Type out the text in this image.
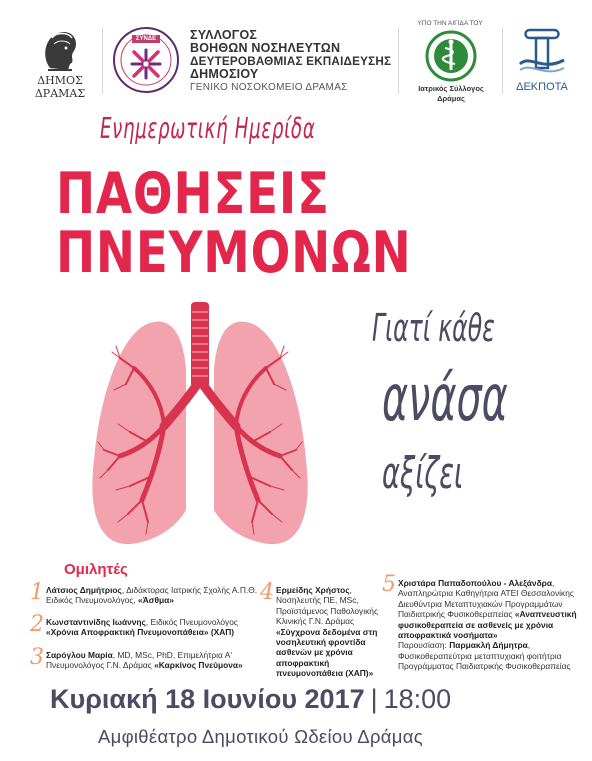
ΔΗΜΟΣ
ΔΡΑΜΑΣ
ΣΥΝΔΕ	ΣΥΛΛΟΓΟΣ
ΒΟΗΘΩΝ ΝΟΣΗΛΕΥΤΩΝ
ΔΕΥΤΕΡΟΒΑΘΜΙΑΣ ΕΚΠΑΙΔΕΥΣΗΣ
ΔΗΜΟΣΙΟΥ
ΓΕΝΙΚΟ ΝΟΣΟΚΟΜΕΙΟ ΔΡΑΜΑΣ
ΥΠΟ ΤΗΝ ΑΙΓΙΔΑ ΤΟΥ
Ιατρικός Σύλλογος
Δράμας
ΔΕΚΠΟΤΑ
Ενημερωτική Ημερίδα
ΠΑΘΗΣΕΙΣ
ΠΝΕΥΜΟΝΩΝ
Γιατί κάθε
ανάσα
αξίζει
Ομιλητές
1 Λάτσιος Δημήτριος, Διδάκτορας Ιατρικής Σχολής Α.Π.Θ. Ειδικός Πνευμονολόγος, «Άσθμα»
2 Κωνσταντινίδης Ιωάννης, Ειδικός Πνευμονολόγος «Χρόνια Αποφρακτική Πνευμονοπάθεια» (ΧΑΠ)
3 Σαρόγλου Μαρία, MD, MSc, PhD, Επιμελήτρια Α' Πνευμονολόγος Γ.Ν. Δράμας «Καρκίνος Πνεύμονα»
4 Ερμείδης Χρήστος, Νοσηλευτής ΠΕ, MSc, Προϊστάμενος Παθολογικής Κλινικής Γ.Ν. Δράμας «Σύγχρονα δεδομένα στη νοσηλευτική φροντίδα ασθενών με χρόνια αποφρακτική πνευμονοπάθεια (ΧΑΠ)»
5 Χριστάρα Παπαδοπούλου - Αλεξάνδρα, Αναπληρώτρια Καθηγήτρια ΑΤΕΙ Θεσσαλονίκης Διευθύντρια Μεταπτυχιακών Προγραμμάτων Παιδιατρικής Φυσικοθεραπείας «Αναπνευστική φυσικοθεραπεία σε ασθενείς με χρόνια αποφρακτικά νοσήματα»
Παρουσίαση: Παρμακλή Δήμητρα, Φυσικοθεραπεύτρια μεταπτυχιακή φοιτήτρια Προγράμματος Παιδιατρικής Φυσικοθεραπείας
Κυριακή 18 Ιουνίου 2017 | 18:00
Αμφιθέατρο Δημοτικού Ωδείου Δράμας
